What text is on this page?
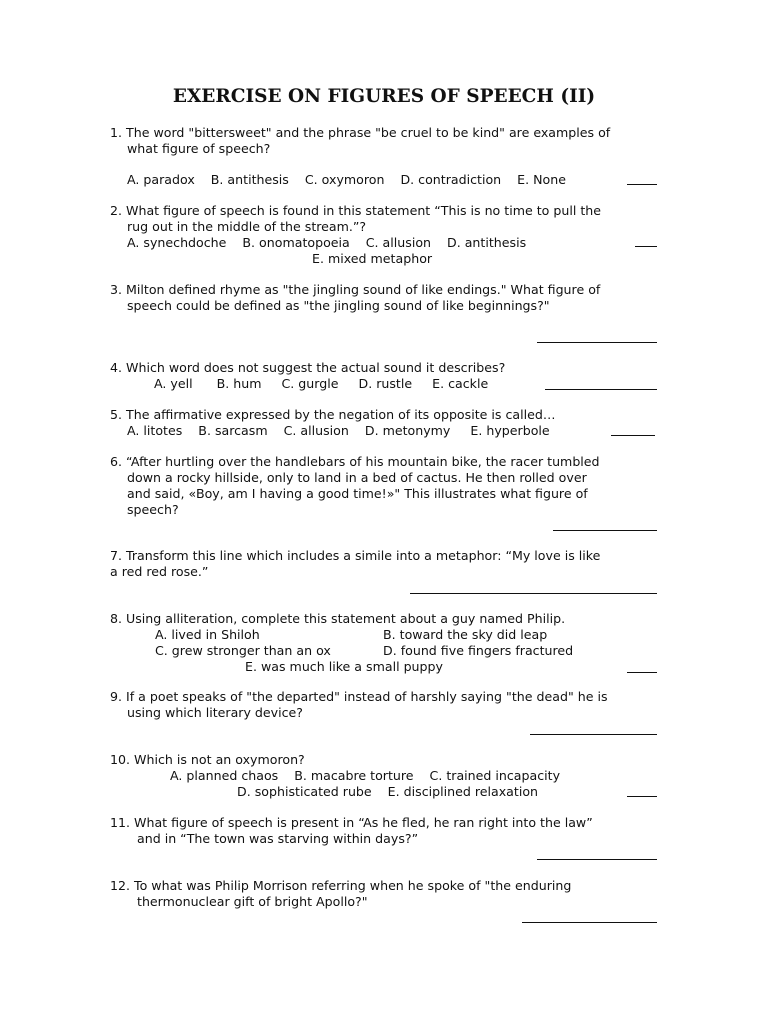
EXERCISE ON FIGURES OF SPEECH (II)
1. The word "bittersweet" and the phrase "be cruel to be kind" are examples of
what figure of speech?
A. paradox    B. antithesis    C. oxymoron    D. contradiction    E. None
2. What figure of speech is found in this statement “This is no time to pull the
rug out in the middle of the stream.”?
A. synechdoche    B. onomatopoeia    C. allusion    D. antithesis
E. mixed metaphor
3. Milton defined rhyme as "the jingling sound of like endings." What figure of
speech could be defined as "the jingling sound of like beginnings?"
4. Which word does not suggest the actual sound it describes?
A. yell      B. hum     C. gurgle     D. rustle     E. cackle
5. The affirmative expressed by the negation of its opposite is called…
A. litotes    B. sarcasm    C. allusion    D. metonymy     E. hyperbole
6. “After hurtling over the handlebars of his mountain bike, the racer tumbled
down a rocky hillside, only to land in a bed of cactus. He then rolled over
and said, «Boy, am I having a good time!»" This illustrates what figure of
speech?
7. Transform this line which includes a simile into a metaphor: “My love is like
a red red rose.”
8. Using alliteration, complete this statement about a guy named Philip.
A. lived in Shiloh	B. toward the sky did leap
C. grew stronger than an ox	D. found five fingers fractured
E. was much like a small puppy
9. If a poet speaks of "the departed" instead of harshly saying "the dead" he is
using which literary device?
10. Which is not an oxymoron?
A. planned chaos    B. macabre torture    C. trained incapacity
D. sophisticated rube    E. disciplined relaxation
11. What figure of speech is present in “As he fled, he ran right into the law”
and in “The town was starving within days?”
12. To what was Philip Morrison referring when he spoke of "the enduring
thermonuclear gift of bright Apollo?"
